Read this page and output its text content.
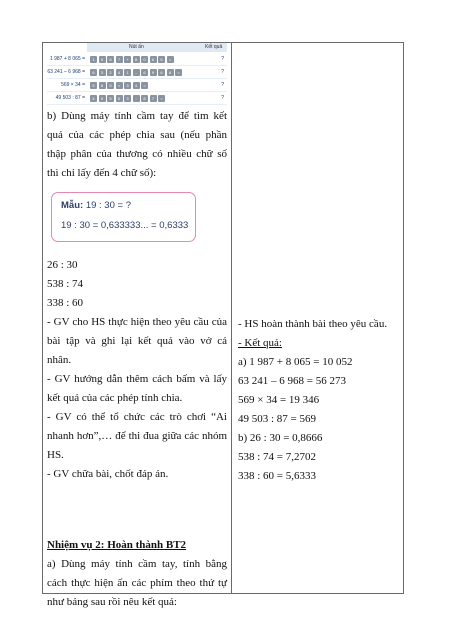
Nút ấn	Kết quả
1 987 + 8 065 =	1	9	8	7	+	8	0	6	5	=	?
63 241 – 6 968 =	6	3	2	4	1	–	6	9	6	8	=	?
569 × 34 =	5	6	9	×	3	4	=	?
49 503 : 87 =	4	9	5	0	3	:	8	7	=	?

b) Dùng máy tính cầm tay để tìm kết quả của các phép chia sau (nếu phần thập phân của thương có nhiều chữ số thì chỉ lấy đến 4 chữ số):

Mẫu: 19 : 30 = ?
19 : 30 = 0,633333... = 0,6333

26 : 30

538 : 74

338 : 60

- GV cho HS thực hiện theo yêu cầu của bài tập và ghi lại kết quả vào vở cá nhân.

- GV hướng dẫn thêm cách bấm và lấy kết quả của các phép tính chia.

- GV có thể tổ chức các trò chơi “Ai nhanh hơn”,… để thi đua giữa các nhóm HS.

- GV chữa bài, chốt đáp án.

Nhiệm vụ 2: Hoàn thành BT2

a) Dùng máy tính cầm tay, tính bằng cách thực hiện ấn các phím theo thứ tự như bảng sau rồi nêu kết quả:

- HS hoàn thành bài theo yêu cầu.

- Kết quả:

a) 1 987 + 8 065 = 10 052

63 241 – 6 968 = 56 273

569 × 34 = 19 346

49 503 : 87 = 569

b) 26 : 30 = 0,8666

538 : 74 = 7,2702

338 : 60 = 5,6333
